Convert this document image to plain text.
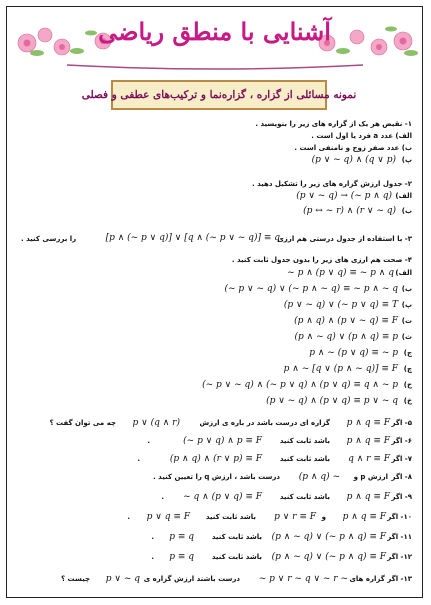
آشنایی با منطق ریاضی
نمونه مسائلی از گزاره ، گزاره‌نما و ترکیب‌های عطفی و فصلی
۱- نقیض هر یک از گزاره های زیر را بنویسید .
الف) عدد a فرد یا اول است .
ب) عدد صفر زوج و نامنفی است .
پ)
(p ∨ ~ q) ∧ (q ∨ p)
۲- جدول ارزش گزاره های زیر را تشکیل دهید .
الف)
(p ∨ ~ q) → (~ p ∧ q)
ب)
(p ↔ ~ r) ∧ (r ∨ ~ q)
۳- با استفاده از جدول درستی هم ارزی
[p ∧ (~ p ∨ q)] ∨ [q ∧ (~ p ∨ ~ q)] ≡ q
را بررسی کنید .
۴- صحت هم ارزی های زیر را بدون جدول ثابت کنید .
الف)
~ p ∧ (p ∨ q) ≡ ~ p ∧ q
ب)
(~ p ∨ ~ q) ∨ (~ p ∧ ~ q) ≡ ~ p ∧ ~ q
پ)
(p ∨ ~ q) ∨ (~ p ∨ q) ≡ T
ت)
(p ∧ q) ∧ (p ∨ ~ q) ≡ F
ث)
(p ∧ ~ q) ∨ (p ∧ q) ≡ p
ج)
p ∧ ~ (p ∨ q) ≡ ~ p
چ)
p ∧ ~ [q ∨ (p ∧ ~ q)] ≡ F
ح)
(~ p ∨ ~ q) ∧ (~ p ∨ q) ∧ (p ∨ q) ≡ q ∧ ~ p
خ)
(p ∨ ~ q) ∧ (p ∨ q) ≡ p ∨ ~ q
۵- اگر
p ∧ q ≡ F
گزاره ای درست باشد در باره ی ارزش
p ∨ (q ∧ r)
چه می توان گفت ؟
۶- اگر
p ∧ q ≡ F
باشد ثابت کنید
(~ p ∨ q) ∧ p ≡ F
.
۷- اگر
q ∧ r ≡ F
باشد ثابت کنید
(p ∧ q) ∧ (r ∨ p) ≡ F
.
۸- اگر
ارزش p و
(p ∧ q) ~
درست باشد ، ارزش q را تعیین کنید .
۹- اگر
p ∧ q ≡ F
باشد ثابت کنید
~ q ∧ (p ∨ q) ≡ F
.
۱۰- اگر
p ∧ q ≡ F
و
p ∨ r ≡ F
باشد ثابت کنید
p ∨ q ≡ F
.
۱۱- اگر
(p ∧ ~ q) ∨ (~ p ∧ q) ≡ F
باشد ثابت کنید
p ≡ q
.
۱۲- اگر
(p ∧ ~ q) ∨ (~ p ∧ q) ≡ F
باشد ثابت کنید
p ≡ q
.
۱۳- اگر گزاره های
~ p ∨ r ~ q ∨ ~ r ~
درست باشند ارزش گزاره ی
p ∨ ~ q
چیست ؟
